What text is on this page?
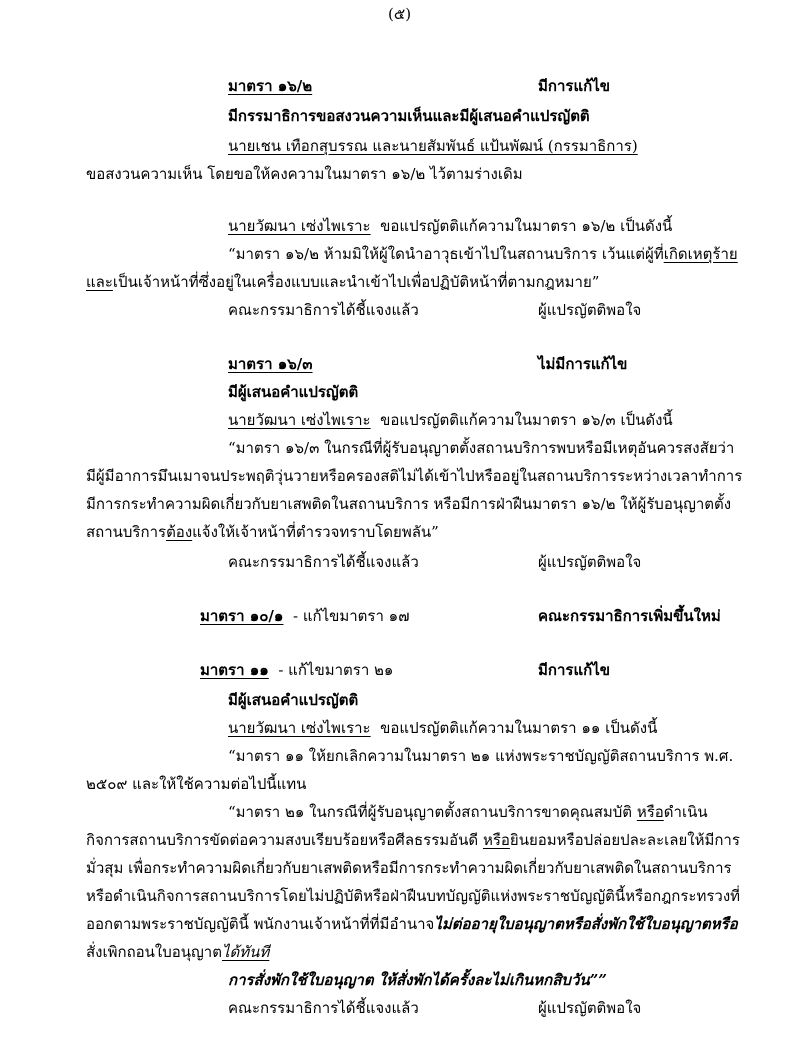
(๕)
มาตรา ๑๖/๒	มีการแก้ไข
มีกรรมาธิการขอสงวนความเห็นและมีผู้เสนอคำแปรญัตติ
นายเชน เทือกสุบรรณ และนายสัมพันธ์ แป้นพัฒน์ (กรรมาธิการ)
ขอสงวนความเห็น โดยขอให้คงความในมาตรา ๑๖/๒ ไว้ตามร่างเดิม
นายวัฒนา เซ่งไพเราะ ขอแปรญัตติแก้ความในมาตรา ๑๖/๒ เป็นดังนี้
“มาตรา ๑๖/๒ ห้ามมิให้ผู้ใดนำอาวุธเข้าไปในสถานบริการ เว้นแต่ผู้ที่เกิดเหตุร้าย
และเป็นเจ้าหน้าที่ซึ่งอยู่ในเครื่องแบบและนำเข้าไปเพื่อปฏิบัติหน้าที่ตามกฎหมาย”
คณะกรรมาธิการได้ชี้แจงแล้ว	ผู้แปรญัตติพอใจ
มาตรา ๑๖/๓	ไม่มีการแก้ไข
มีผู้เสนอคำแปรญัตติ
นายวัฒนา เซ่งไพเราะ ขอแปรญัตติแก้ความในมาตรา ๑๖/๓ เป็นดังนี้
“มาตรา ๑๖/๓ ในกรณีที่ผู้รับอนุญาตตั้งสถานบริการพบหรือมีเหตุอันควรสงสัยว่า
มีผู้มีอาการมึนเมาจนประพฤติวุ่นวายหรือครองสติไม่ได้เข้าไปหรืออยู่ในสถานบริการระหว่างเวลาทำการ
มีการกระทำความผิดเกี่ยวกับยาเสพติดในสถานบริการ หรือมีการฝ่าฝืนมาตรา ๑๖/๒ ให้ผู้รับอนุญาตตั้ง
สถานบริการต้องแจ้งให้เจ้าหน้าที่ตำรวจทราบโดยพลัน”
คณะกรรมาธิการได้ชี้แจงแล้ว	ผู้แปรญัตติพอใจ
มาตรา ๑๐/๑ - แก้ไขมาตรา ๑๗	คณะกรรมาธิการเพิ่มขึ้นใหม่
มาตรา ๑๑ - แก้ไขมาตรา ๒๑	มีการแก้ไข
มีผู้เสนอคำแปรญัตติ
นายวัฒนา เซ่งไพเราะ ขอแปรญัตติแก้ความในมาตรา ๑๑ เป็นดังนี้
“มาตรา ๑๑ ให้ยกเลิกความในมาตรา ๒๑ แห่งพระราชบัญญัติสถานบริการ พ.ศ.
๒๕๐๙ และให้ใช้ความต่อไปนี้แทน
“มาตรา ๒๑ ในกรณีที่ผู้รับอนุญาตตั้งสถานบริการขาดคุณสมบัติ หรือดำเนิน
กิจการสถานบริการขัดต่อความสงบเรียบร้อยหรือศีลธรรมอันดี หรือยินยอมหรือปล่อยปละละเลยให้มีการ
มั่วสุม เพื่อกระทำความผิดเกี่ยวกับยาเสพติดหรือมีการกระทำความผิดเกี่ยวกับยาเสพติดในสถานบริการ
หรือดำเนินกิจการสถานบริการโดยไม่ปฏิบัติหรือฝ่าฝืนบทบัญญัติแห่งพระราชบัญญัตินี้หรือกฎกระทรวงที่
ออกตามพระราชบัญญัตินี้ พนักงานเจ้าหน้าที่ที่มีอำนาจไม่ต่ออายุใบอนุญาตหรือสั่งพักใช้ใบอนุญาตหรือ
สั่งเพิกถอนใบอนุญาตได้ทันที
การสั่งพักใช้ใบอนุญาต ให้สั่งพักได้ครั้งละไม่เกินหกสิบวัน””
คณะกรรมาธิการได้ชี้แจงแล้ว	ผู้แปรญัตติพอใจ
